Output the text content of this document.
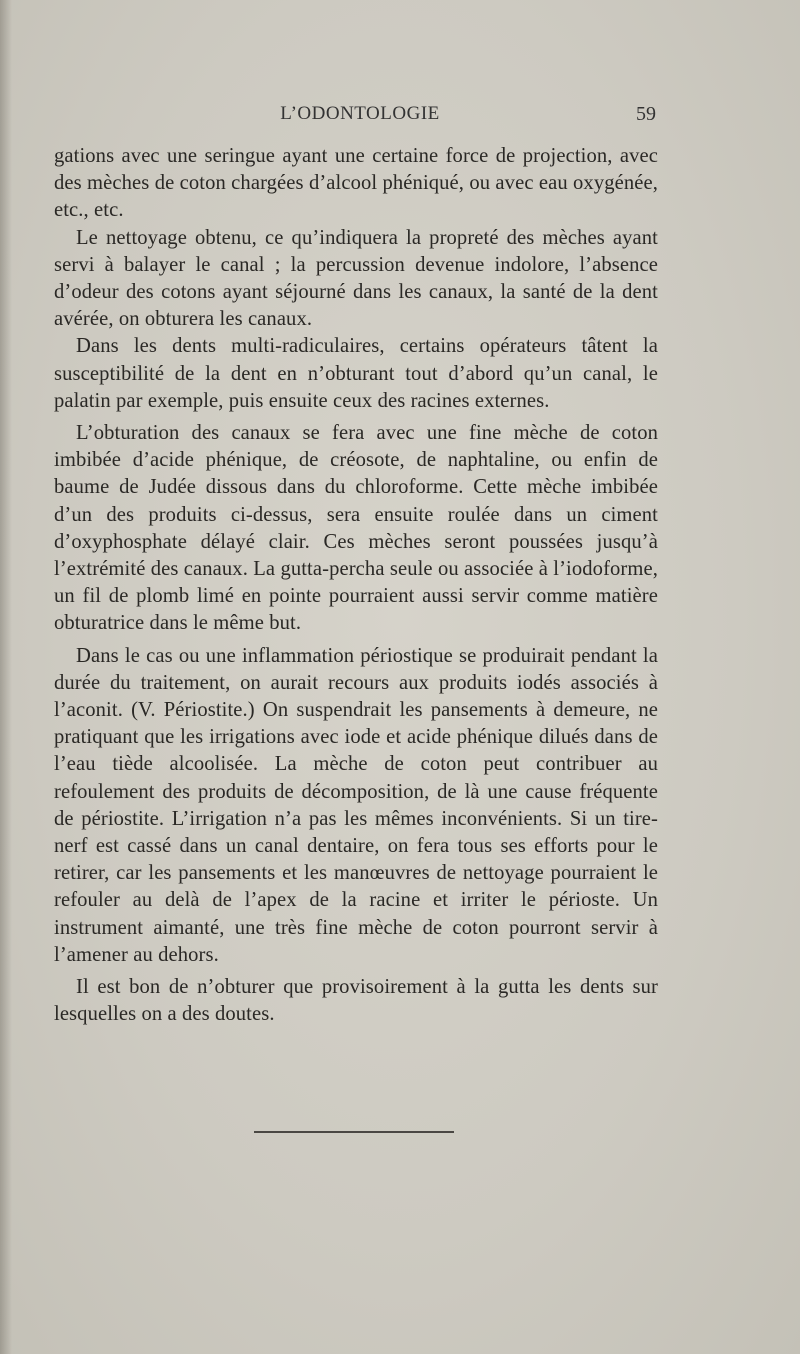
L’ODONTOLOGIE	59

gations avec une seringue ayant une certaine force de projection, avec des mèches de coton chargées d’alcool phéniqué, ou avec eau oxygénée, etc., etc.

Le nettoyage obtenu, ce qu’indiquera la propreté des mèches ayant servi à balayer le canal ; la percussion devenue indolore, l’absence d’odeur des cotons ayant séjourné dans les canaux, la santé de la dent avérée, on obturera les canaux.

Dans les dents multi-radiculaires, certains opérateurs tâtent la susceptibilité de la dent en n’obturant tout d’abord qu’un canal, le palatin par exemple, puis ensuite ceux des racines externes.

L’obturation des canaux se fera avec une fine mèche de coton imbibée d’acide phénique, de créosote, de naphtaline, ou enfin de baume de Judée dissous dans du chloroforme. Cette mèche imbibée d’un des produits ci-dessus, sera ensuite roulée dans un ciment d’oxyphosphate délayé clair. Ces mèches seront poussées jusqu’à l’extrémité des canaux. La gutta-percha seule ou associée à l’iodoforme, un fil de plomb limé en pointe pourraient aussi servir comme matière obturatrice dans le même but.

Dans le cas ou une inflammation périostique se produirait pendant la durée du traitement, on aurait recours aux produits iodés associés à l’aconit. (V. Périostite.) On suspendrait les pansements à demeure, ne pratiquant que les irrigations avec iode et acide phénique dilués dans de l’eau tiède alcoolisée. La mèche de coton peut contribuer au refoulement des produits de décomposition, de là une cause fréquente de périostite. L’irrigation n’a pas les mêmes inconvénients. Si un tire-nerf est cassé dans un canal dentaire, on fera tous ses efforts pour le retirer, car les pansements et les manœuvres de nettoyage pourraient le refouler au delà de l’apex de la racine et irriter le périoste. Un instrument aimanté, une très fine mèche de coton pourront servir à l’amener au dehors.

Il est bon de n’obturer que provisoirement à la gutta les dents sur lesquelles on a des doutes.
